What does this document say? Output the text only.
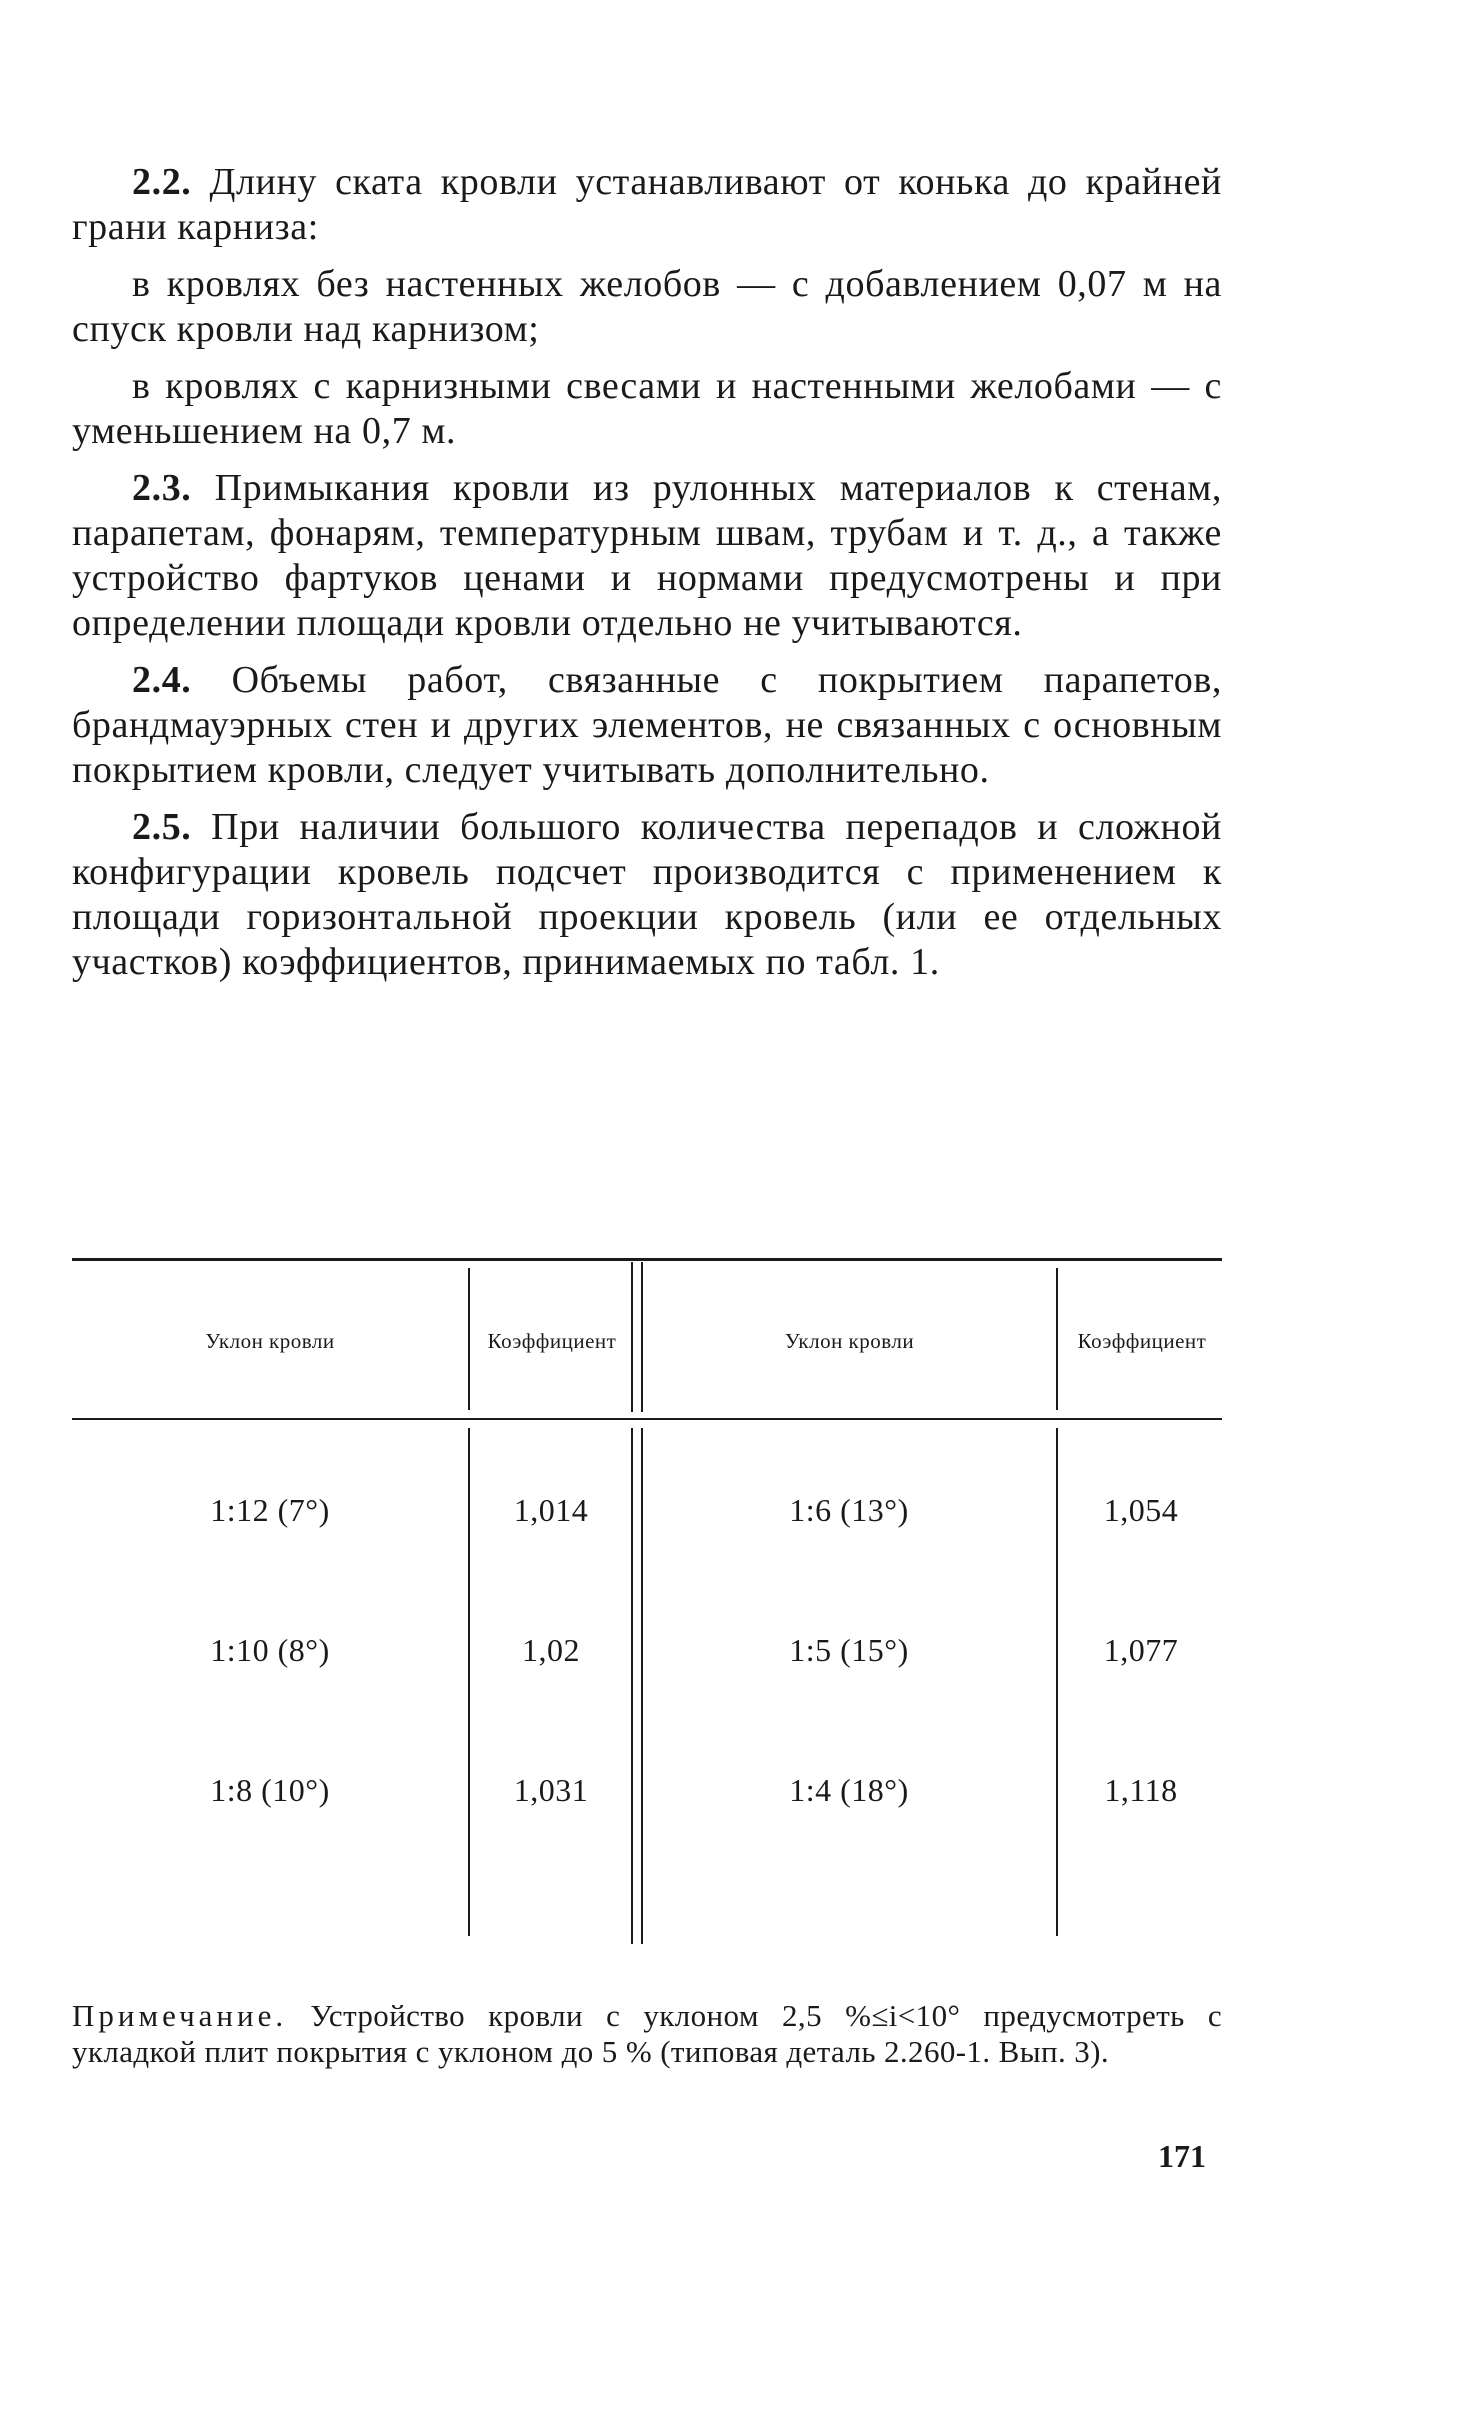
2.2. Длину ската кровли устанавливают от конька до крайней грани карниза:

в кровлях без настенных желобов — с добавлением 0,07 м на спуск кровли над карнизом;

в кровлях с карнизными свесами и настенными желобами — с уменьшением на 0,7 м.

2.3. Примыкания кровли из рулонных материалов к стенам, парапетам, фонарям, температурным швам, трубам и т. д., а также устройство фартуков ценами и нормами предусмотрены и при определении площади кровли отдельно не учитываются.

2.4. Объемы работ, связанные с покрытием парапетов, брандмауэрных стен и других элементов, не связанных с основным покрытием кровли, следует учитывать дополнительно.

2.5. При наличии большого количества перепадов и сложной конфигурации кровель подсчет производится с применением к площади горизонтальной проекции кровель (или ее отдельных участков) коэффициентов, принимаемых по табл. 1.

Уклон кровли	Коэффициент	Уклон кровли	Коэффициент
1:12 (7°)	1,014	1:6 (13°)	1,054
1:10 (8°)	1,02	1:5 (15°)	1,077
1:8 (10°)	1,031	1:4 (18°)	1,118

Примечание. Устройство кровли с уклоном 2,5 %≤i<10° предусмотреть с укладкой плит покрытия с уклоном до 5 % (типовая деталь 2.260-1. Вып. 3).

171
